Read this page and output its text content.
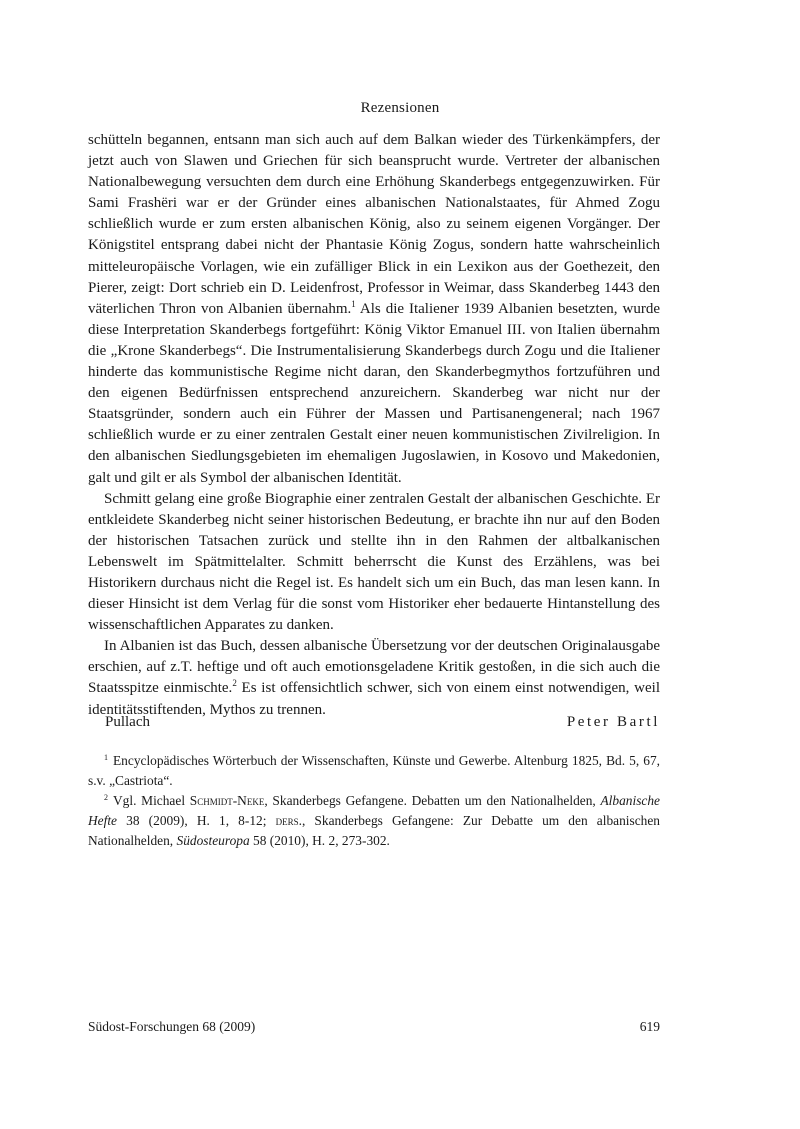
Rezensionen

schütteln begannen, entsann man sich auch auf dem Balkan wieder des Türkenkämpfers, der jetzt auch von Slawen und Griechen für sich beansprucht wurde. Vertreter der albanischen Nationalbewegung versuchten dem durch eine Erhöhung Skanderbegs entgegenzuwirken. Für Sami Frashëri war er der Gründer eines albanischen Nationalstaates, für Ahmed Zogu schließlich wurde er zum ersten albanischen König, also zu seinem eigenen Vorgänger. Der Königstitel entsprang dabei nicht der Phantasie König Zogus, sondern hatte wahrscheinlich mitteleuropäische Vorlagen, wie ein zufälliger Blick in ein Lexikon aus der Goethezeit, den Pierer, zeigt: Dort schrieb ein D. Leidenfrost, Professor in Weimar, dass Skanderbeg 1443 den väterlichen Thron von Albanien übernahm.$^1$ Als die Italiener 1939 Albanien besetzten, wurde diese Interpretation Skanderbegs fortgeführt: König Viktor Emanuel III. von Italien übernahm die „Krone Skanderbegs“. Die Instrumentalisierung Skanderbegs durch Zogu und die Italiener hinderte das kommunistische Regime nicht daran, den Skanderbegmythos fortzuführen und den eigenen Bedürfnissen entsprechend anzureichern. Skanderbeg war nicht nur der Staatsgründer, sondern auch ein Führer der Massen und Partisanengeneral; nach 1967 schließlich wurde er zu einer zentralen Gestalt einer neuen kommunistischen Zivilreligion. In den albanischen Siedlungsgebieten im ehemaligen Jugoslawien, in Kosovo und Makedonien, galt und gilt er als Symbol der albanischen Identität.

Schmitt gelang eine große Biographie einer zentralen Gestalt der albanischen Geschichte. Er entkleidete Skanderbeg nicht seiner historischen Bedeutung, er brachte ihn nur auf den Boden der historischen Tatsachen zurück und stellte ihn in den Rahmen der altbalkanischen Lebenswelt im Spätmittelalter. Schmitt beherrscht die Kunst des Erzählens, was bei Historikern durchaus nicht die Regel ist. Es handelt sich um ein Buch, das man lesen kann. In dieser Hinsicht ist dem Verlag für die sonst vom Historiker eher bedauerte Hintanstellung des wissenschaftlichen Apparates zu danken.

In Albanien ist das Buch, dessen albanische Übersetzung vor der deutschen Originalausgabe erschien, auf z.T. heftige und oft auch emotionsgeladene Kritik gestoßen, in die sich auch die Staatsspitze einmischte.$^2$ Es ist offensichtlich schwer, sich von einem einst notwendigen, weil identitätsstiftenden, Mythos zu trennen.

Pullach	Peter Bartl

$^1$ Encyclopädisches Wörterbuch der Wissenschaften, Künste und Gewerbe. Altenburg 1825, Bd. 5, 67, s.v. „Castriota“.

$^2$ Vgl. Michael Schmidt-Neke, Skanderbegs Gefangene. Debatten um den Nationalhelden, Albanische Hefte 38 (2009), H. 1, 8-12; ders., Skanderbegs Gefangene: Zur Debatte um den albanischen Nationalhelden, Südosteuropa 58 (2010), H. 2, 273-302.

Südost-Forschungen 68 (2009)	619
